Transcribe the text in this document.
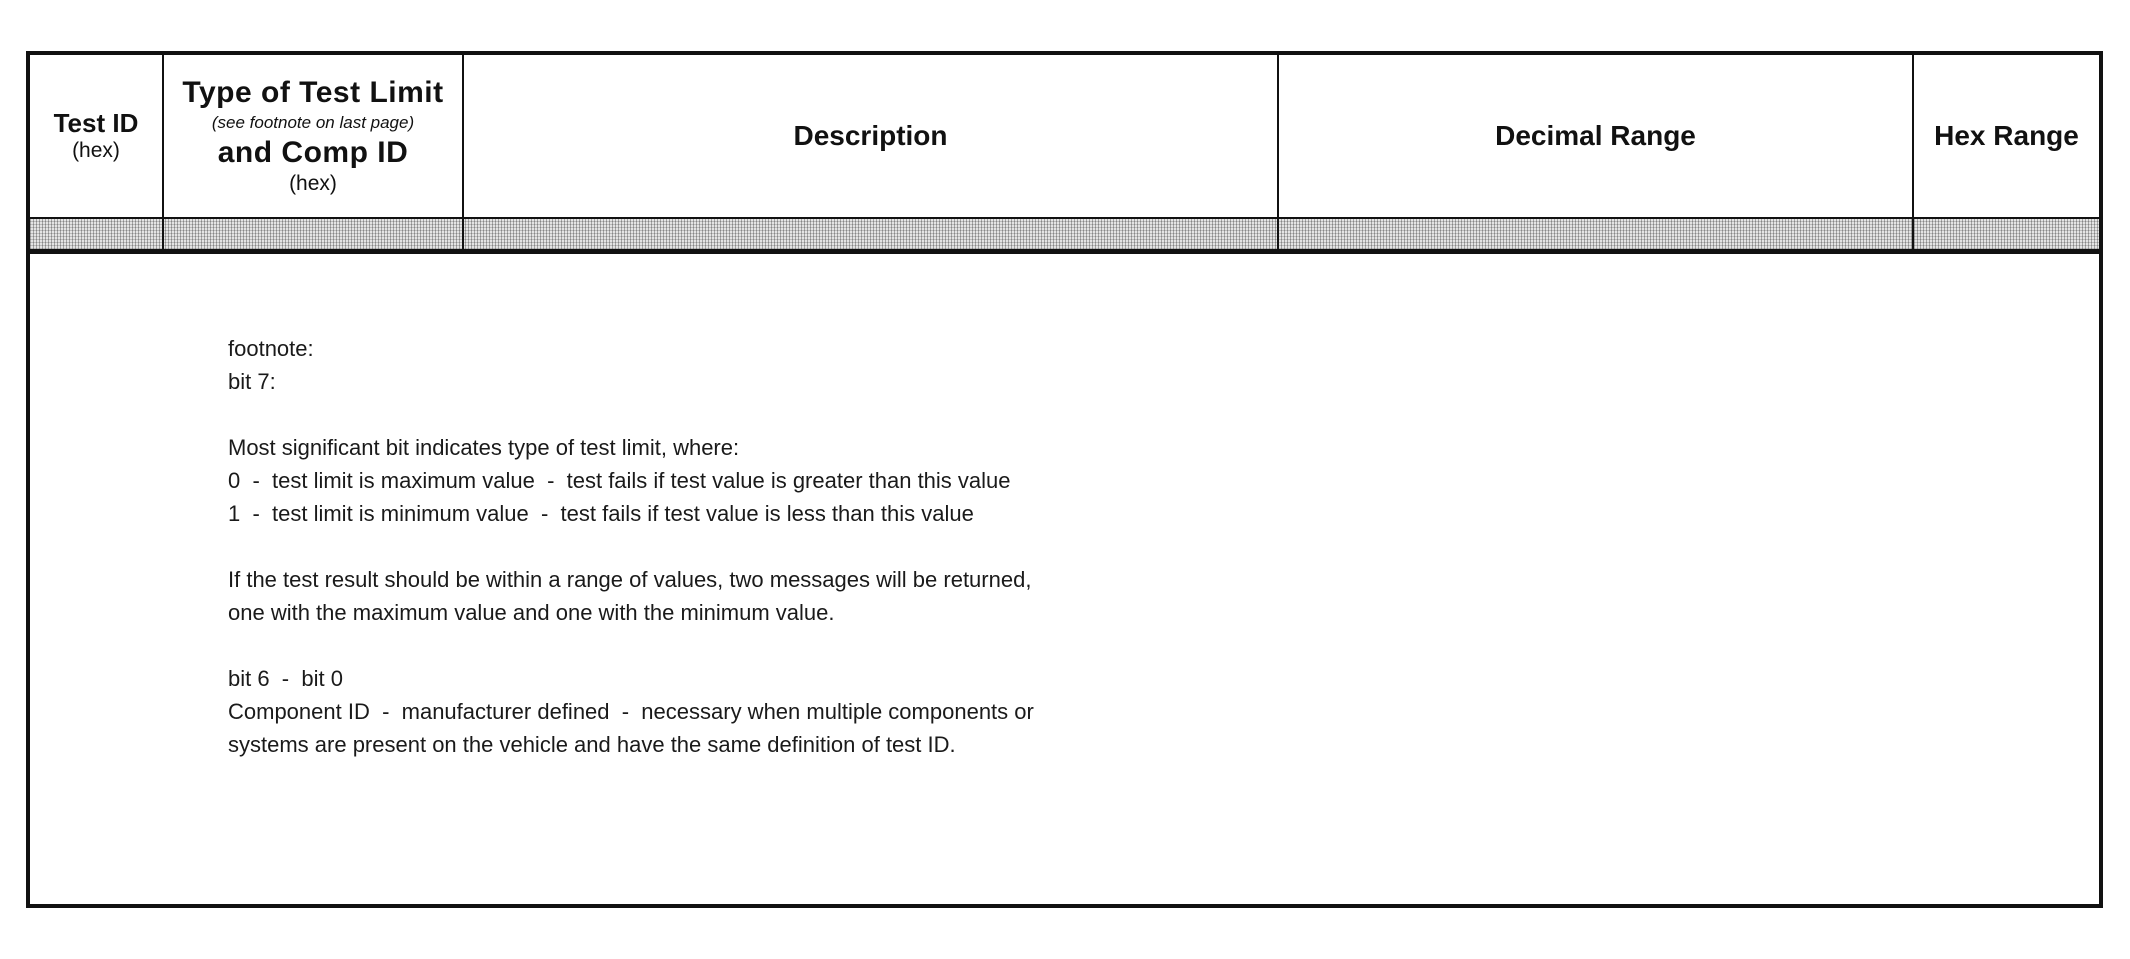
Test ID
(hex)
Type of Test Limit
(see footnote on last page)
and Comp ID
(hex)
Description	Decimal Range	Hex Range

footnote:

bit 7:

Most significant bit indicates type of test limit, where:

0  -  test limit is maximum value  -  test fails if test value is greater than this value

1  -  test limit is minimum value  -  test fails if test value is less than this value

If the test result should be within a range of values, two messages will be returned,

one with the maximum value and one with the minimum value.

bit 6  -  bit 0

Component ID  -  manufacturer defined  -  necessary when multiple components or

systems are present on the vehicle and have the same definition of test ID.
